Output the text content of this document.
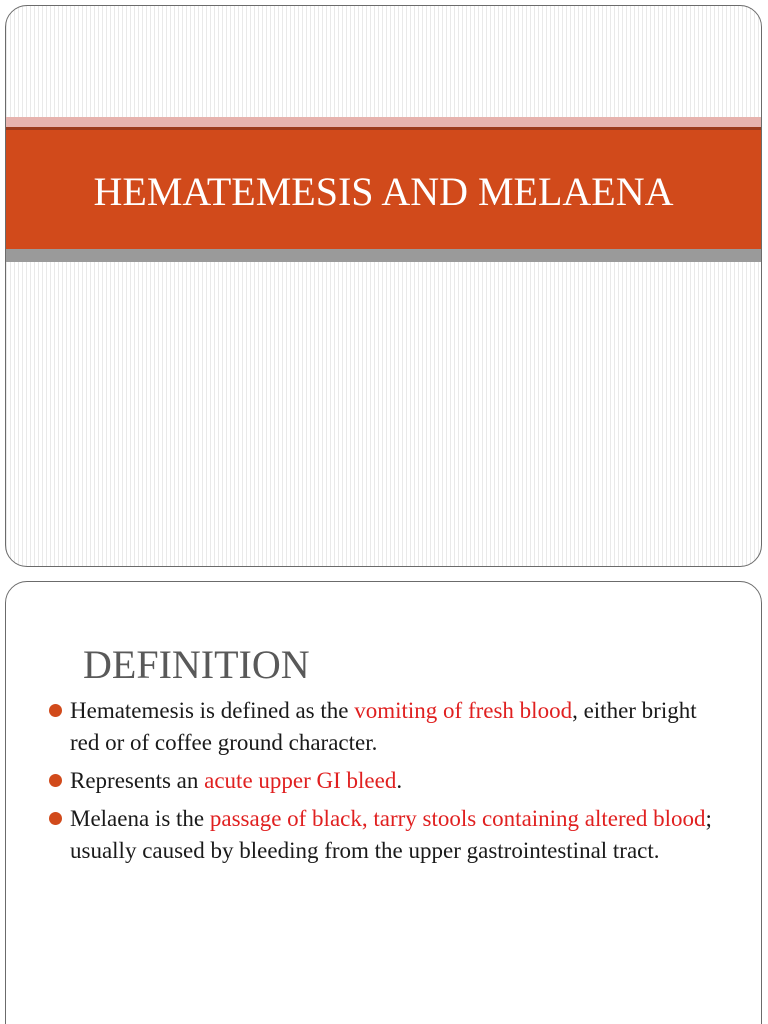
HEMATEMESIS AND MELAENA
DEFINITION
Hematemesis is defined as the vomiting of fresh blood, either bright red or of coffee ground character.
Represents an acute upper GI bleed.
Melaena is the passage of black, tarry stools containing altered blood; usually caused by bleeding from the upper gastrointestinal tract.
